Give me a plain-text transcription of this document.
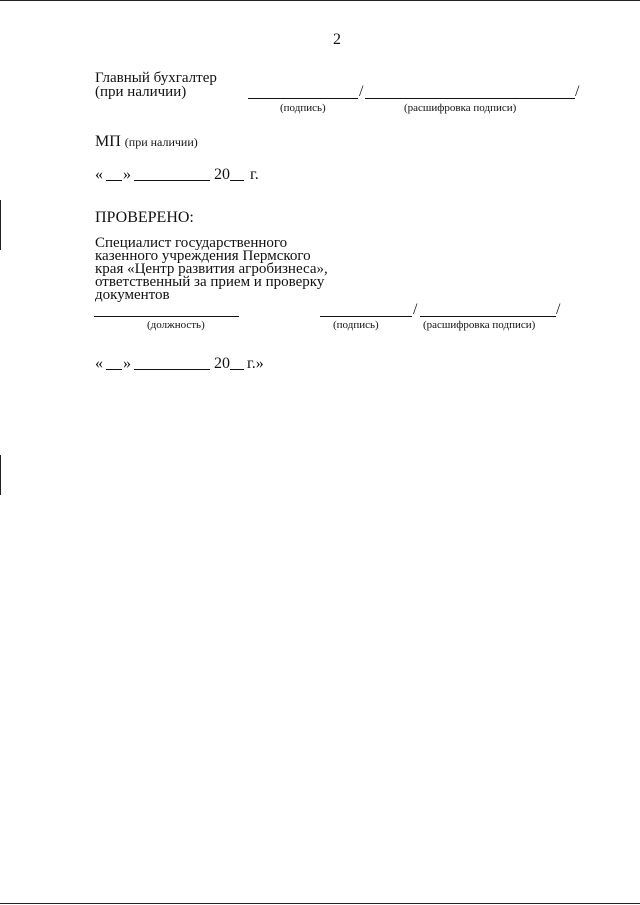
2
Главный бухгалтер
(при наличии)	/	/
(подпись)	(расшифровка подписи)
МП (при наличии)
« »	20 г.
ПРОВЕРЕНО:
Специалист государственного
казенного учреждения Пермского
края «Центр развития агробизнеса»,
ответственный за прием и проверку
документов
/	/
(должность)	(подпись)	(расшифровка подписи)
« »	20 г.»
